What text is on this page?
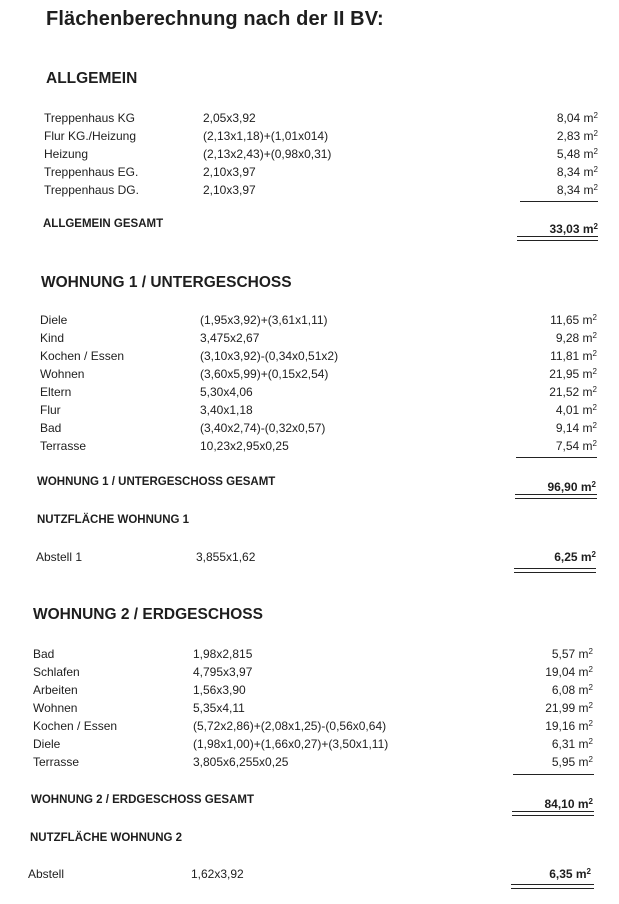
Flächenberechnung nach der II BV:
ALLGEMEIN
Treppenhaus KG	2,05x3,92	8,04 $m^2$
Flur KG./Heizung	(2,13x1,18)+(1,01x014)	2,83 $m^2$
Heizung	(2,13x2,43)+(0,98x0,31)	5,48 $m^2$
Treppenhaus EG.	2,10x3,97	8,34 $m^2$
Treppenhaus DG.	2,10x3,97	8,34 $m^2$
ALLGEMEIN GESAMT	33,03 $m^2$
WOHNUNG 1 / UNTERGESCHOSS
Diele	(1,95x3,92)+(3,61x1,11)	11,65 $m^2$
Kind	3,475x2,67	9,28 $m^2$
Kochen / Essen	(3,10x3,92)-(0,34x0,51x2)	11,81 $m^2$
Wohnen	(3,60x5,99)+(0,15x2,54)	21,95 $m^2$
Eltern	5,30x4,06	21,52 $m^2$
Flur	3,40x1,18	4,01 $m^2$
Bad	(3,40x2,74)-(0,32x0,57)	9,14 $m^2$
Terrasse	10,23x2,95x0,25	7,54 $m^2$
WOHNUNG 1 / UNTERGESCHOSS GESAMT	96,90 $m^2$
NUTZFLÄCHE WOHNUNG 1
Abstell 1	3,855x1,62	6,25 $m^2$
WOHNUNG 2 / ERDGESCHOSS
Bad	1,98x2,815	5,57 $m^2$
Schlafen	4,795x3,97	19,04 $m^2$
Arbeiten	1,56x3,90	6,08 $m^2$
Wohnen	5,35x4,11	21,99 $m^2$
Kochen / Essen	(5,72x2,86)+(2,08x1,25)-(0,56x0,64)	19,16 $m^2$
Diele	(1,98x1,00)+(1,66x0,27)+(3,50x1,11)	6,31 $m^2$
Terrasse	3,805x6,255x0,25	5,95 $m^2$
WOHNUNG 2 / ERDGESCHOSS GESAMT	84,10 $m^2$
NUTZFLÄCHE WOHNUNG 2
Abstell	1,62x3,92	6,35 $m^2$
